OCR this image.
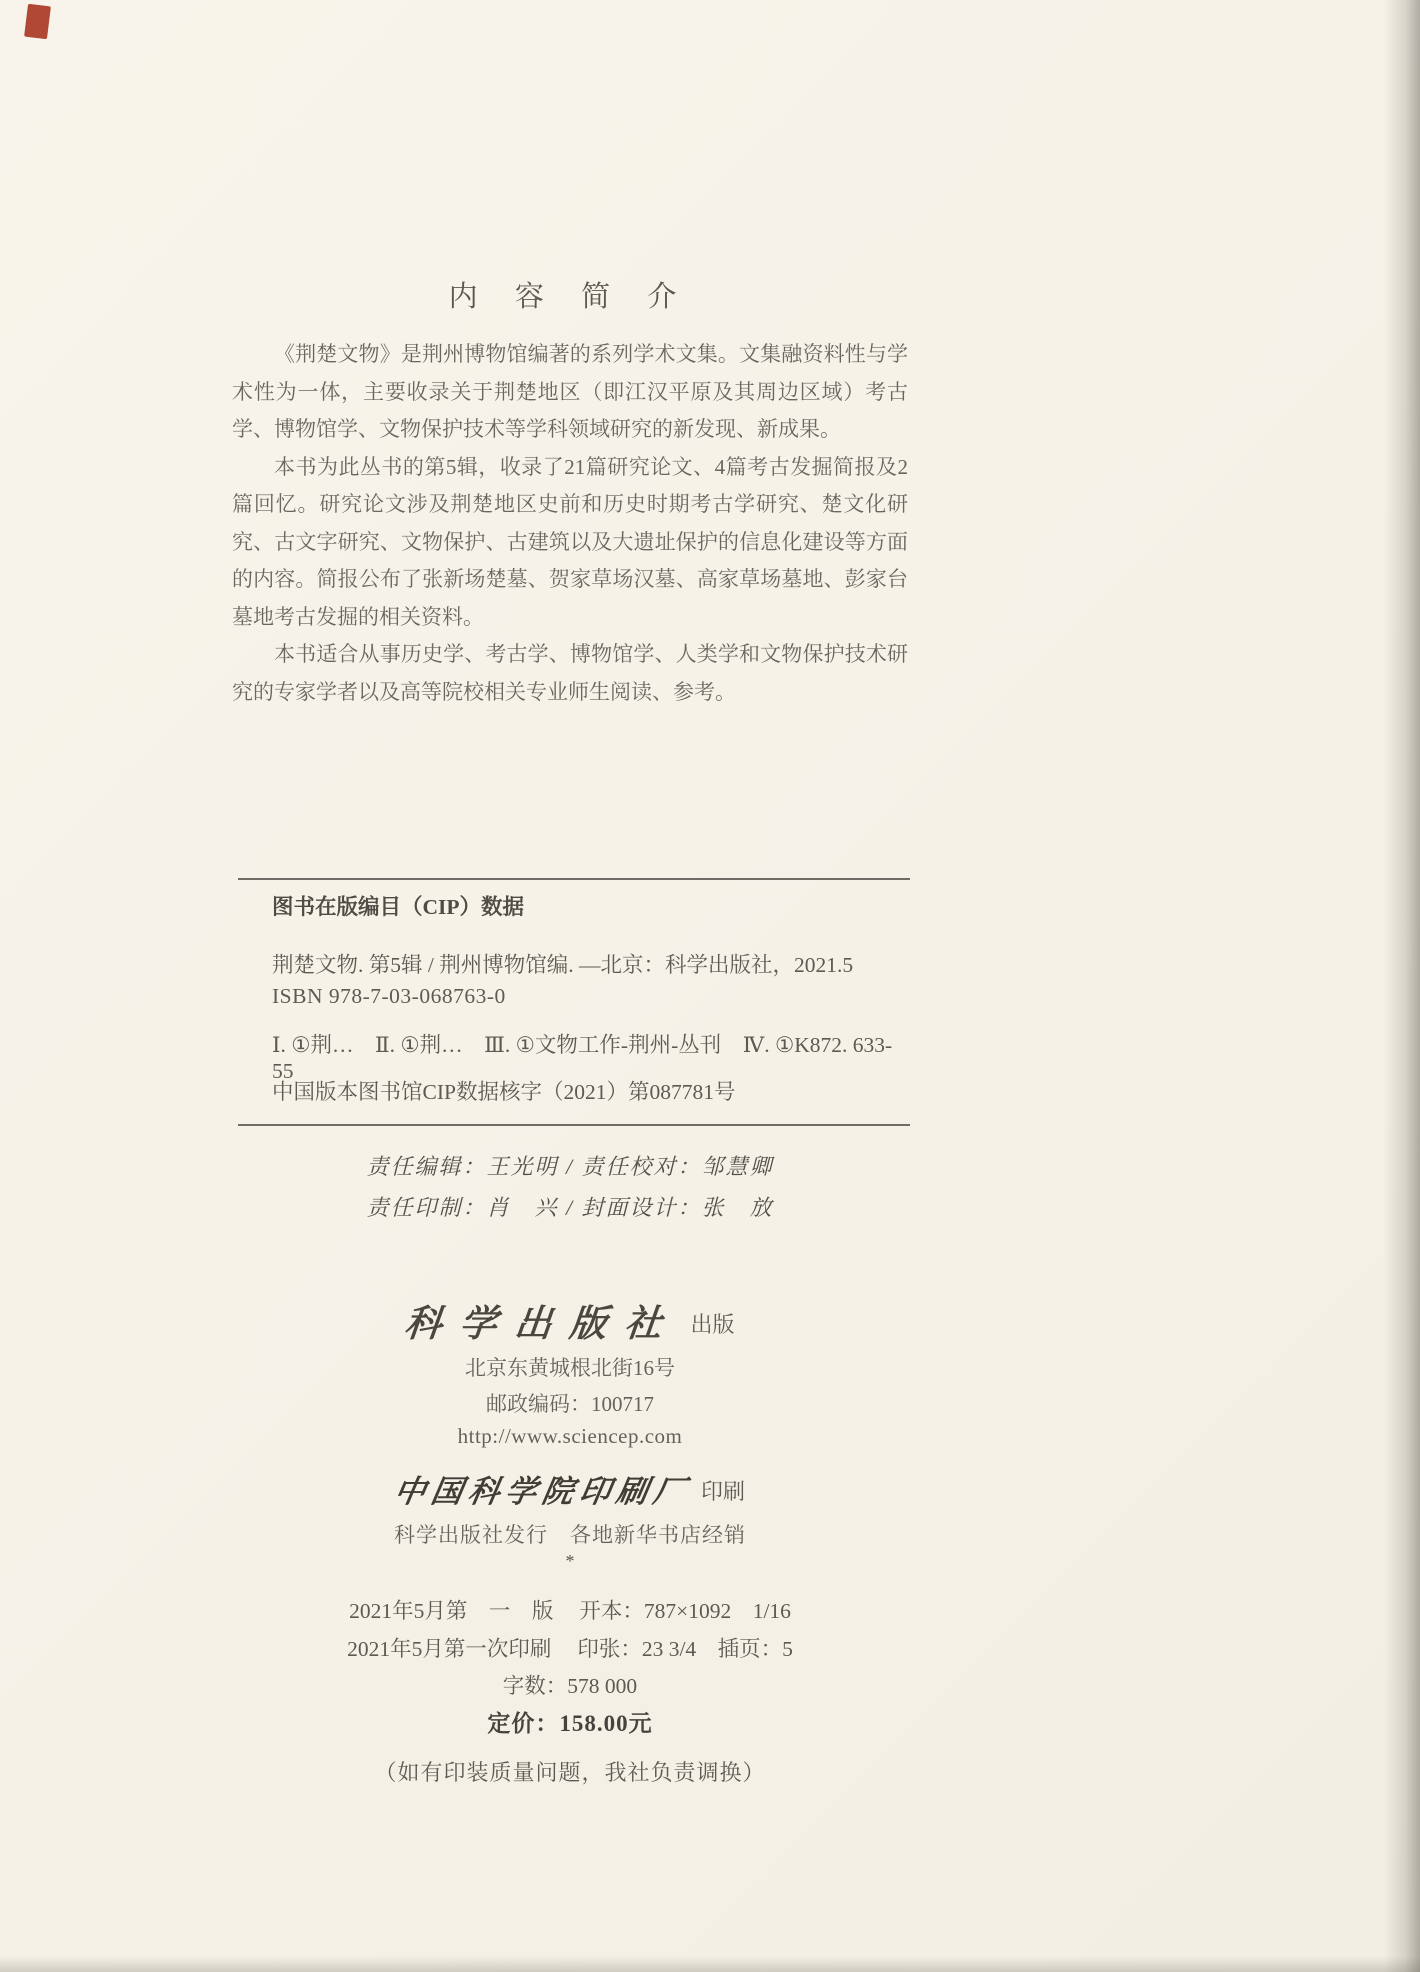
内 容 简 介

《荆楚文物》是荆州博物馆编著的系列学术文集。文集融资料性与学术性为一体，主要收录关于荆楚地区（即江汉平原及其周边区域）考古学、博物馆学、文物保护技术等学科领域研究的新发现、新成果。

本书为此丛书的第5辑，收录了21篇研究论文、4篇考古发掘简报及2篇回忆。研究论文涉及荆楚地区史前和历史时期考古学研究、楚文化研究、古文字研究、文物保护、古建筑以及大遗址保护的信息化建设等方面的内容。简报公布了张新场楚墓、贺家草场汉墓、高家草场墓地、彭家台墓地考古发掘的相关资料。

本书适合从事历史学、考古学、博物馆学、人类学和文物保护技术研究的专家学者以及高等院校相关专业师生阅读、参考。

图书在版编目（CIP）数据
荆楚文物. 第5辑 / 荆州博物馆编. —北京：科学出版社，2021.5
ISBN 978-7-03-068763-0
Ⅰ. ①荆…　Ⅱ. ①荆…　Ⅲ. ①文物工作-荆州-丛刊　Ⅳ. ①K872. 633-55
中国版本图书馆CIP数据核字（2021）第087781号
责任编辑：王光明 / 责任校对：邹慧卿
责任印制：肖　兴 / 封面设计：张　放
科学出版社 出版
北京东黄城根北街16号
邮政编码：100717
http://www.sciencep.com
中国科学院印刷厂 印刷
科学出版社发行　各地新华书店经销
*
2021年5月第　一　版 开本：787×1092　1/16
2021年5月第一次印刷 印张：23 3/4　插页：5
字数：578 000
定价：158.00元
（如有印装质量问题，我社负责调换）
